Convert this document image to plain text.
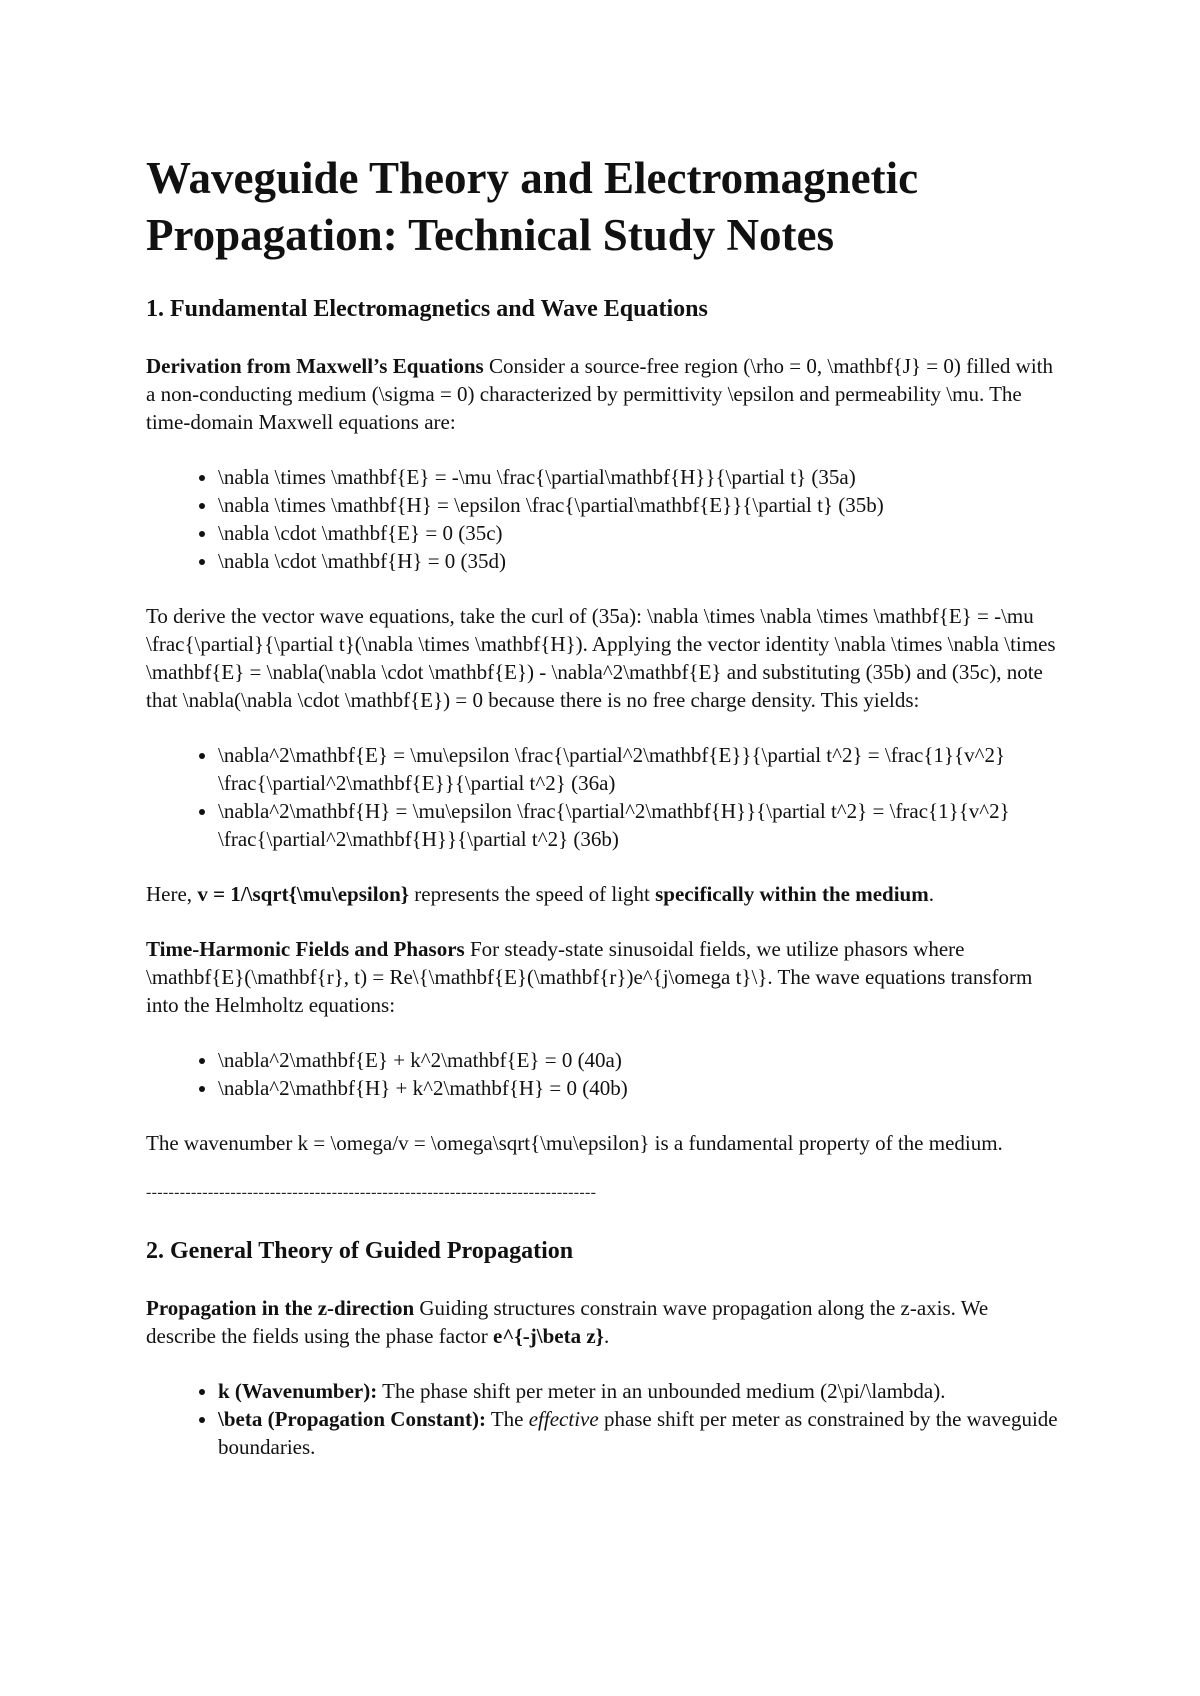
Waveguide Theory and Electromagnetic Propagation: Technical Study Notes
1. Fundamental Electromagnetics and Wave Equations

Derivation from Maxwell’s Equations Consider a source-free region (\rho = 0, \mathbf{J} = 0) filled with a non-conducting medium (\sigma = 0) characterized by permittivity \epsilon and permeability \mu. The time-domain Maxwell equations are:

• \nabla \times \mathbf{E} = -\mu \frac{\partial\mathbf{H}}{\partial t} (35a)
• \nabla \times \mathbf{H} = \epsilon \frac{\partial\mathbf{E}}{\partial t} (35b)
• \nabla \cdot \mathbf{E} = 0 (35c)
• \nabla \cdot \mathbf{H} = 0 (35d)

To derive the vector wave equations, take the curl of (35a): \nabla \times \nabla \times \mathbf{E} = -\mu \frac{\partial}{\partial t}(\nabla \times \mathbf{H}). Applying the vector identity \nabla \times \nabla \times \mathbf{E} = \nabla(\nabla \cdot \mathbf{E}) - \nabla^2\mathbf{E} and substituting (35b) and (35c), note that \nabla(\nabla \cdot \mathbf{E}) = 0 because there is no free charge density. This yields:

• \nabla^2\mathbf{E} = \mu\epsilon \frac{\partial^2\mathbf{E}}{\partial t^2} = \frac{1}{v^2} \frac{\partial^2\mathbf{E}}{\partial t^2} (36a)
• \nabla^2\mathbf{H} = \mu\epsilon \frac{\partial^2\mathbf{H}}{\partial t^2} = \frac{1}{v^2} \frac{\partial^2\mathbf{H}}{\partial t^2} (36b)

Here, v = 1/\sqrt{\mu\epsilon} represents the speed of light specifically within the medium.

Time-Harmonic Fields and Phasors For steady-state sinusoidal fields, we utilize phasors where \mathbf{E}(\mathbf{r}, t) = Re\{\mathbf{E}(\mathbf{r})e^{j\omega t}\}. The wave equations transform into the Helmholtz equations:

• \nabla^2\mathbf{E} + k^2\mathbf{E} = 0 (40a)
• \nabla^2\mathbf{H} + k^2\mathbf{H} = 0 (40b)

The wavenumber k = \omega/v = \omega\sqrt{\mu\epsilon} is a fundamental property of the medium.

--------------------------------------------------------------------------------
2. General Theory of Guided Propagation

Propagation in the z-direction Guiding structures constrain wave propagation along the z-axis. We describe the fields using the phase factor e^{-j\beta z}.

• k (Wavenumber): The phase shift per meter in an unbounded medium (2\pi/\lambda).
• \beta (Propagation Constant): The effective phase shift per meter as constrained by the waveguide boundaries.
